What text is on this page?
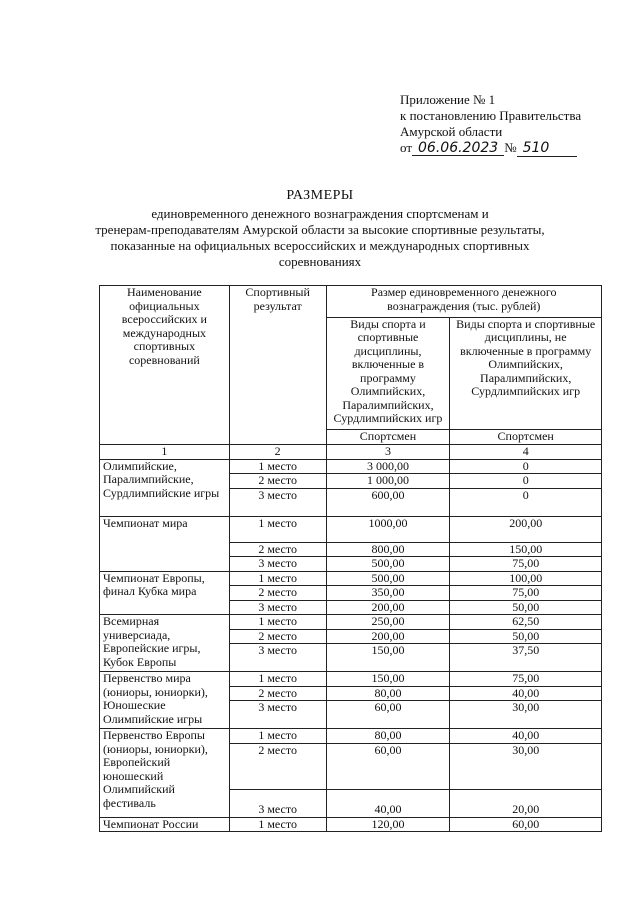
Приложение № 1
к постановлению Правительства
Амурской области
от 06.06.2023 № 510
РАЗМЕРЫ
единовременного денежного вознаграждения спортсменам и
тренерам-преподавателям Амурской области за высокие спортивные результаты,
показанные на официальных всероссийских и международных спортивных
соревнованиях
Наименование официальных всероссийских и международных спортивных соревнований	Спортивный результат	Размер единовременного денежного вознаграждения (тыс. рублей)	
		Виды спорта и спортивные дисциплины, включенные в программу Олимпийских, Паралимпийских, Сурдлимпийских игр	Виды спорта и спортивные дисциплины, не включенные в программу Олимпийских, Паралимпийских, Сурдлимпийских игр
		Спортсмен	Спортсмен
1	2	3	4
Олимпийские, Паралимпийские, Сурдлимпийские игры	1 место	3 000,00	0
	2 место	1 000,00	0
	3 место	600,00	0
Чемпионат мира	1 место	1000,00	200,00
	2 место	800,00	150,00
	3 место	500,00	75,00
Чемпионат Европы, финал Кубка мира	1 место	500,00	100,00
	2 место	350,00	75,00
	3 место	200,00	50,00
Всемирная универсиада, Европейские игры, Кубок Европы	1 место	250,00	62,50
	2 место	200,00	50,00
	3 место	150,00	37,50
Первенство мира (юниоры, юниорки), Юношеские Олимпийские игры	1 место	150,00	75,00
	2 место	80,00	40,00
	3 место	60,00	30,00
Первенство Европы (юниоры, юниорки), Европейский юношеский Олимпийский фестиваль	1 место	80,00	40,00
	2 место	60,00	30,00
	3 место	40,00	20,00
Чемпионат России	1 место	120,00	60,00
